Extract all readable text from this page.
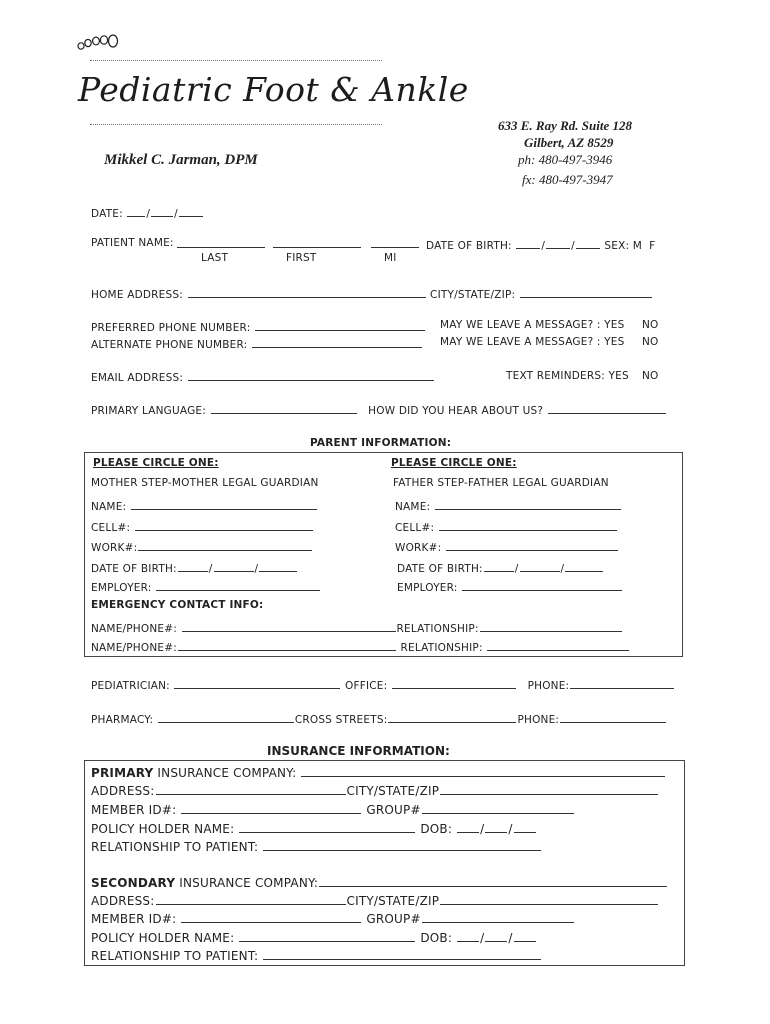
Pediatric Foot & Ankle
Mikkel C. Jarman, DPM
633 E. Ray Rd. Suite 128
Gilbert, AZ 8529
ph: 480-497-3946
fx: 480-497-3947
DATE: / /
PATIENT NAME:	DATE OF BIRTH:	/ /	SEX: M F
LAST	FIRST	MI
HOME ADDRESS:	CITY/STATE/ZIP:
PREFERRED PHONE NUMBER:	MAY WE LEAVE A MESSAGE? : YES NO
ALTERNATE PHONE NUMBER:	MAY WE LEAVE A MESSAGE? : YES NO
EMAIL ADDRESS:	TEXT REMINDERS: YES NO
PRIMARY LANGUAGE:	HOW DID YOU HEAR ABOUT US?
PARENT INFORMATION:
PLEASE CIRCLE ONE:	PLEASE CIRCLE ONE:
MOTHER STEP-MOTHER LEGAL GUARDIAN	FATHER STEP-FATHER LEGAL GUARDIAN
NAME:	NAME:
CELL#:	CELL#:
WORK#:	WORK#:
DATE OF BIRTH:	/	/	DATE OF BIRTH:	/	/
EMPLOYER:	EMPLOYER:
EMERGENCY CONTACT INFO:
NAME/PHONE#:	RELATIONSHIP:
NAME/PHONE#:	RELATIONSHIP:
PEDIATRICIAN:	OFFICE:	PHONE:
PHARMACY:	CROSS STREETS:	PHONE:
INSURANCE INFORMATION:
PRIMARY INSURANCE COMPANY:
ADDRESS:	CITY/STATE/ZIP
MEMBER ID#:	GROUP#
POLICY HOLDER NAME:	DOB: / /
RELATIONSHIP TO PATIENT:
SECONDARY INSURANCE COMPANY:
ADDRESS:	CITY/STATE/ZIP
MEMBER ID#:	GROUP#
POLICY HOLDER NAME:	DOB: / /
RELATIONSHIP TO PATIENT:
